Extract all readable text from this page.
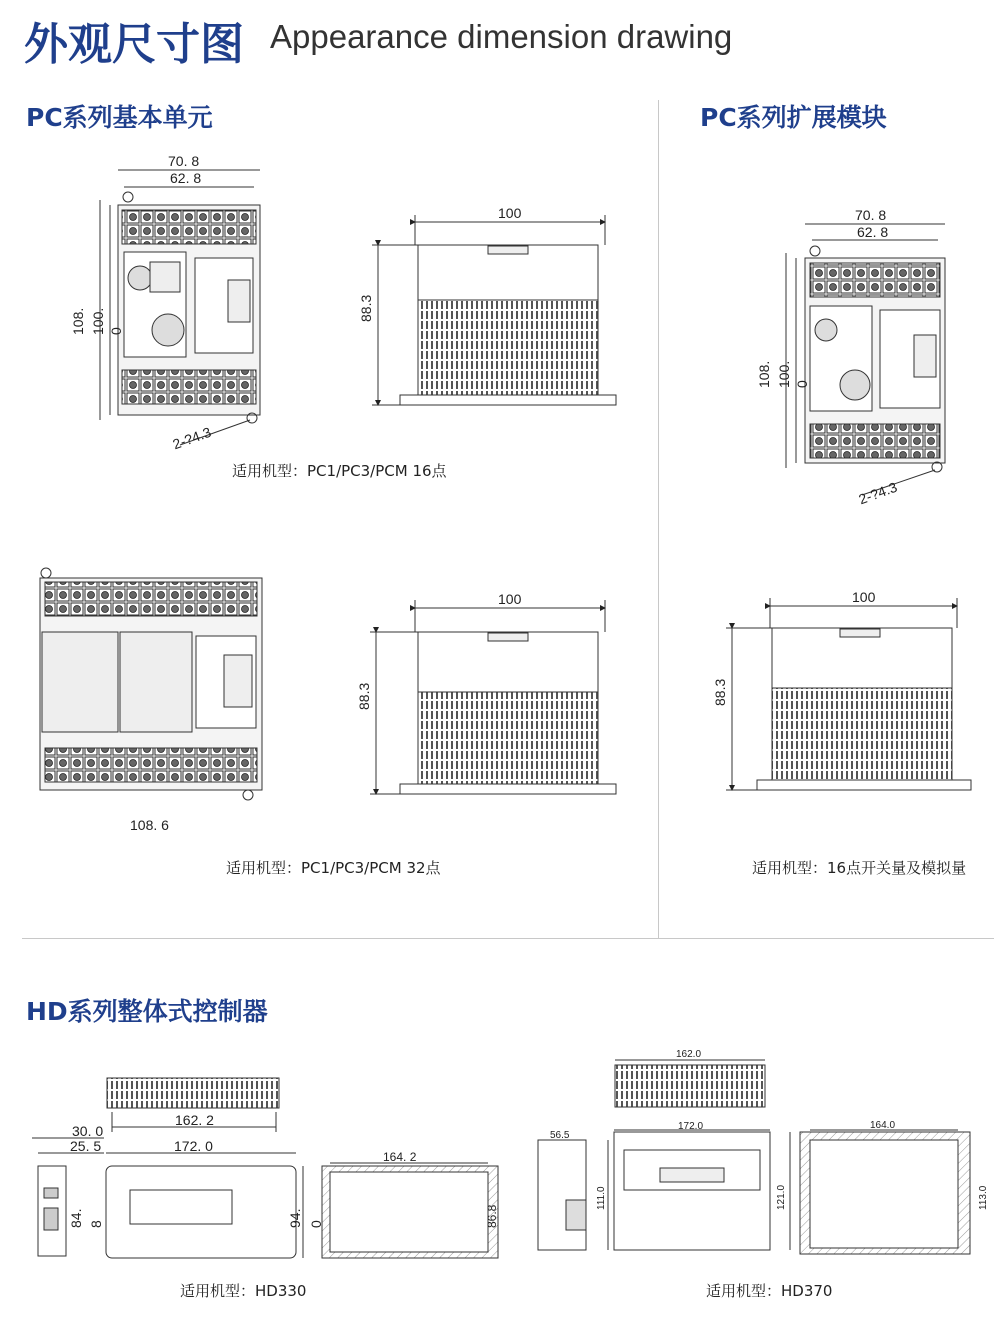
外观尺寸图 Appearance dimension drawing
PC系列基本单元	PC系列扩展模块
HD系列整体式控制器
70. 8
62. 8
108. 100. 0
2-?4.3
100
88.3
适用机型：PC1/PC3/PCM 16点
108. 6
100
88.3
适用机型：PC1/PC3/PCM 32点
70. 8
62. 8
108. 100. 0
2-?4.3
100
88.3
适用机型：16点开关量及模拟量
162. 2
30. 0
25. 5	172. 0
84. 8	94. 0
164. 2
86.8
适用机型：HD330
162.0
56.5
111.0
172.0
121.0
164.0
113.0
适用机型：HD370
